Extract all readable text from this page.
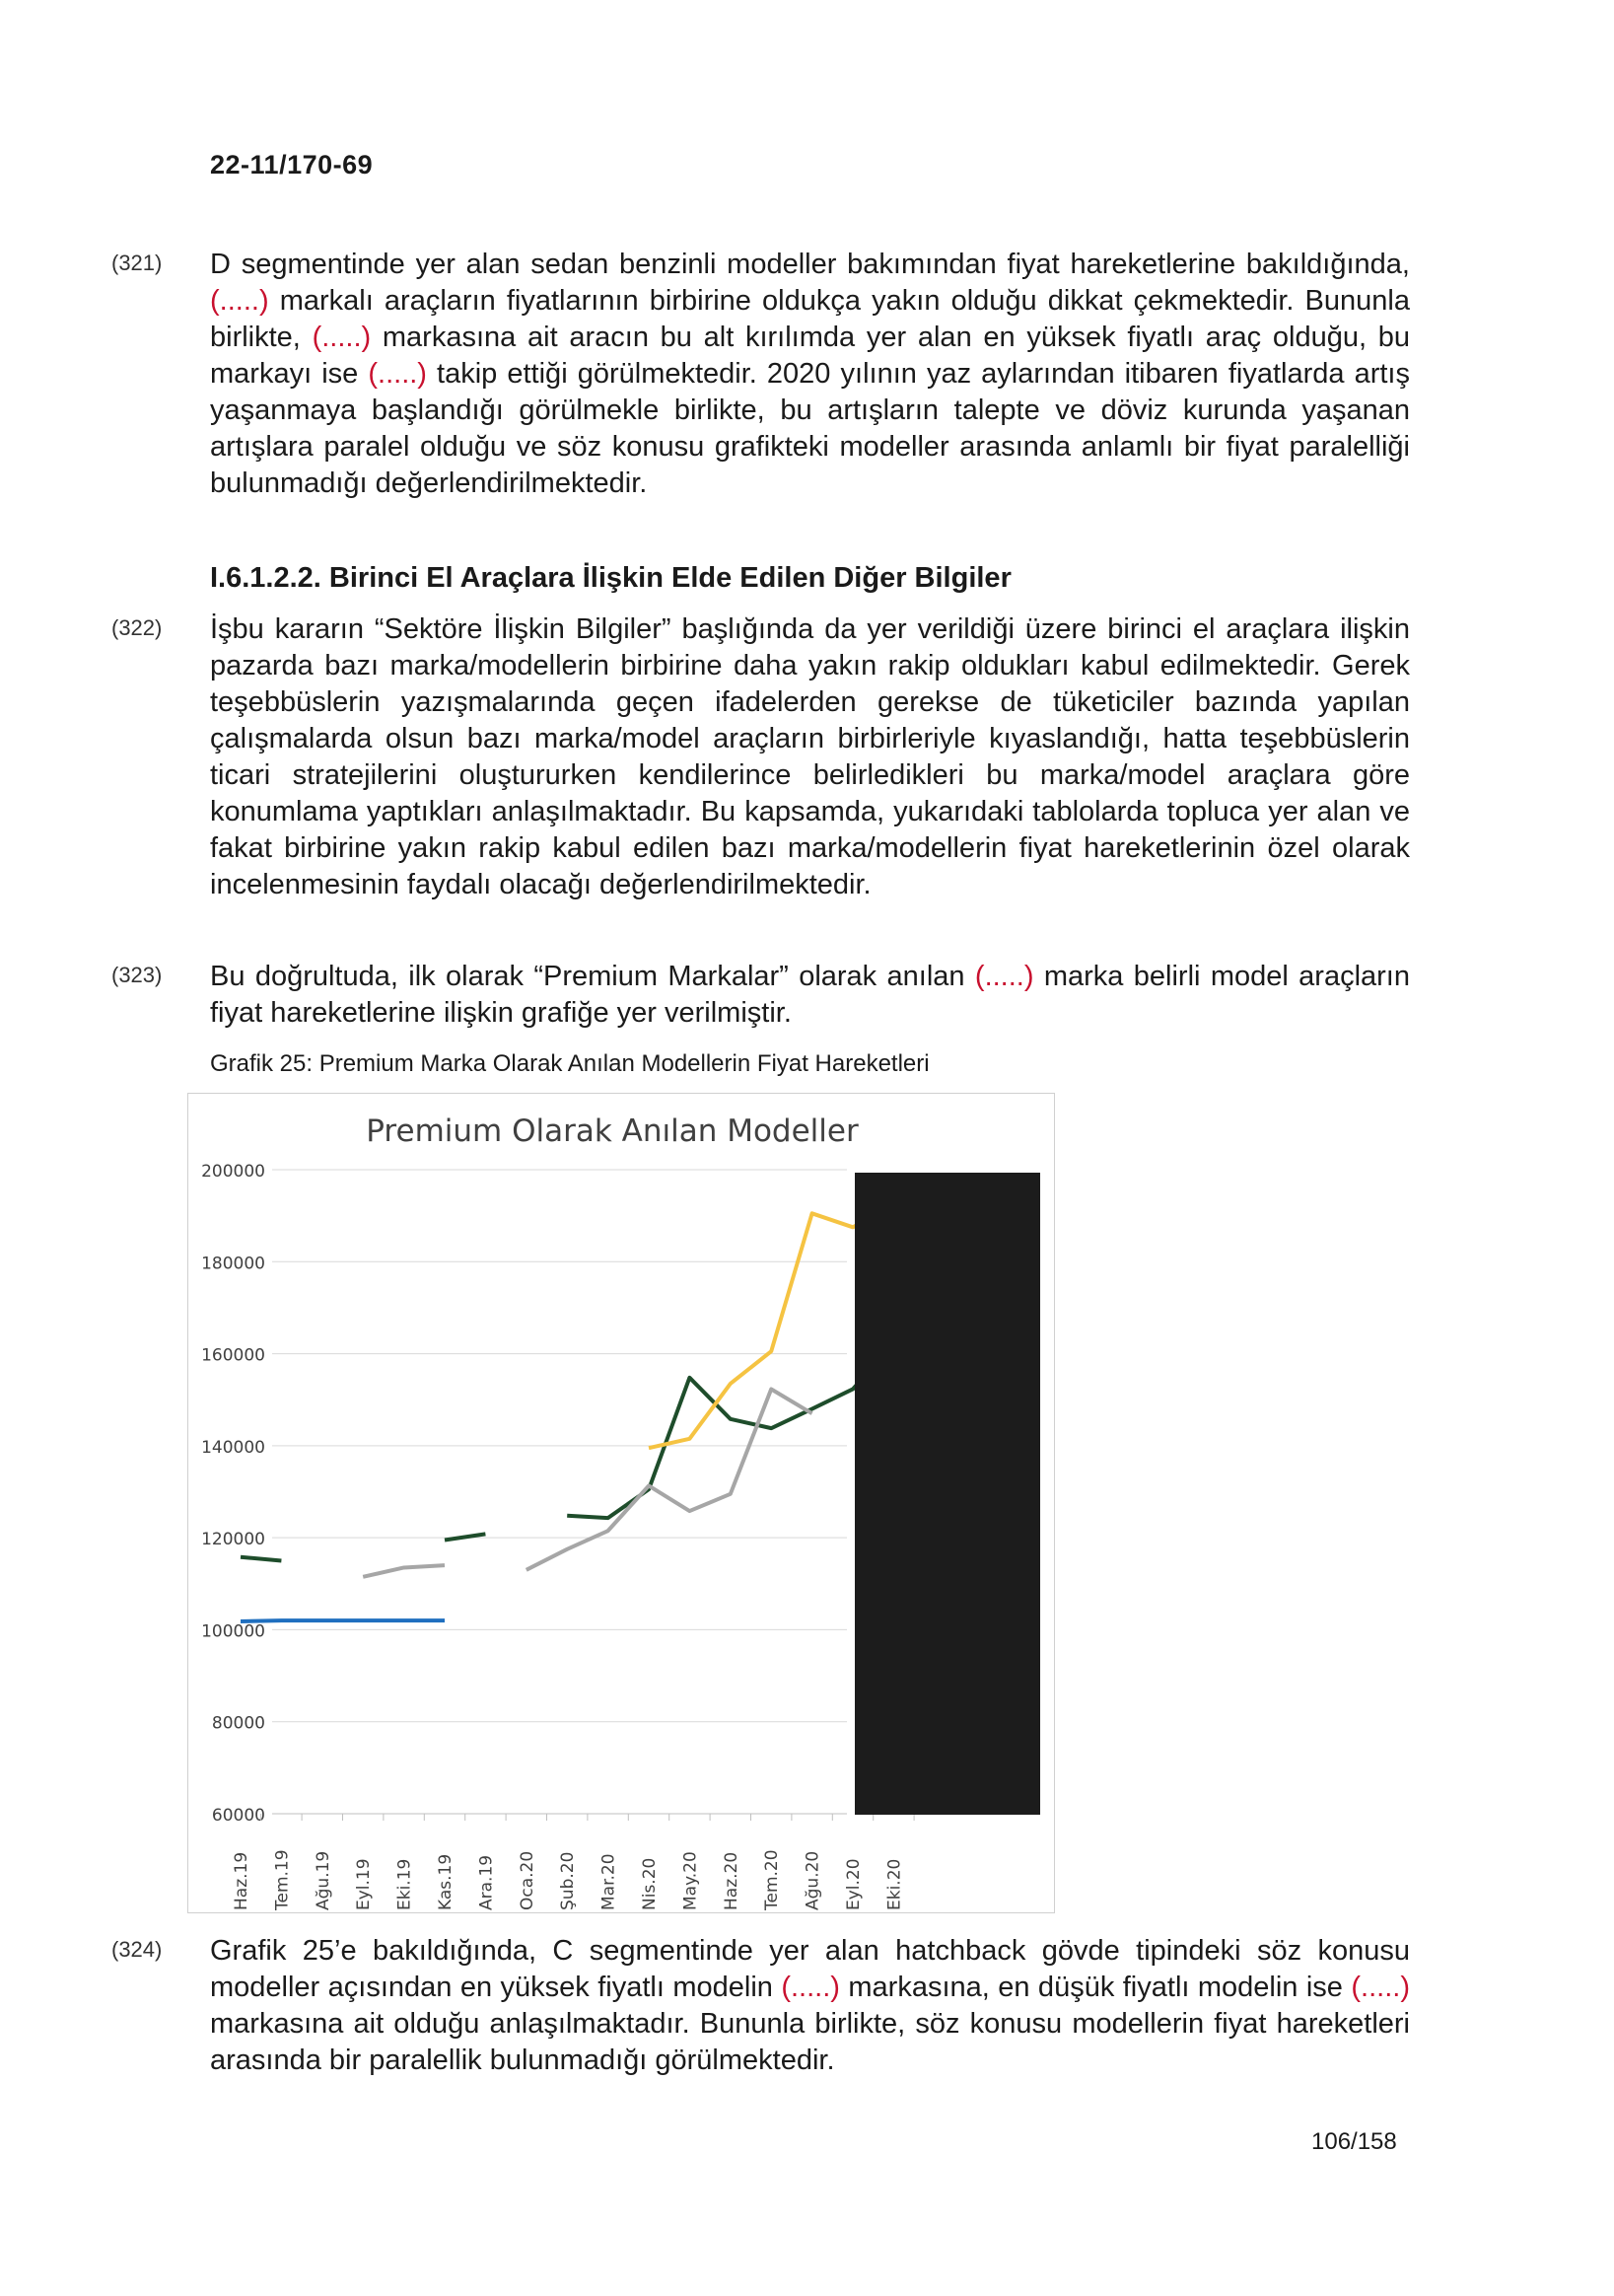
22-11/170-69
(321) D segmentinde yer alan sedan benzinli modeller bakımından fiyat hareketlerine bakıldığında, (.....) markalı araçların fiyatlarının birbirine oldukça yakın olduğu dikkat çekmektedir. Bununla birlikte, (.....) markasına ait aracın bu alt kırılımda yer alan en yüksek fiyatlı araç olduğu, bu markayı ise (.....) takip ettiği görülmektedir. 2020 yılının yaz aylarından itibaren fiyatlarda artış yaşanmaya başlandığı görülmekle birlikte, bu artışların talepte ve döviz kurunda yaşanan artışlara paralel olduğu ve söz konusu grafikteki modeller arasında anlamlı bir fiyat paralelliği bulunmadığı değerlendirilmektedir.

I.6.1.2.2. Birinci El Araçlara İlişkin Elde Edilen Diğer Bilgiler
(322) İşbu kararın “Sektöre İlişkin Bilgiler” başlığında da yer verildiği üzere birinci el araçlara ilişkin pazarda bazı marka/modellerin birbirine daha yakın rakip oldukları kabul edilmektedir. Gerek teşebbüslerin yazışmalarında geçen ifadelerden gerekse de tüketiciler bazında yapılan çalışmalarda olsun bazı marka/model araçların birbirleriyle kıyaslandığı, hatta teşebbüslerin ticari stratejilerini oluştururken kendilerince belirledikleri bu marka/model araçlara göre konumlama yaptıkları anlaşılmaktadır. Bu kapsamda, yukarıdaki tablolarda topluca yer alan ve fakat birbirine yakın rakip kabul edilen bazı marka/modellerin fiyat hareketlerinin özel olarak incelenmesinin faydalı olacağı değerlendirilmektedir.

(323) Bu doğrultuda, ilk olarak “Premium Markalar” olarak anılan (.....) marka belirli model araçların fiyat hareketlerine ilişkin grafiğe yer verilmiştir.

Grafik 25: Premium Marka Olarak Anılan Modellerin Fiyat Hareketleri
Premium Olarak Anılan Modeller
200000
180000
160000
140000
120000
100000
80000
60000
Haz.19 Tem.19 Ağu.19 Eyl.19 Eki.19 Kas.19 Ara.19 Oca.20 Şub.20 Mar.20 Nis.20 May.20 Haz.20 Tem.20 Ağu.20 Eyl.20 Eki.20
(324) Grafik 25’e bakıldığında, C segmentinde yer alan hatchback gövde tipindeki söz konusu modeller açısından en yüksek fiyatlı modelin (.....) markasına, en düşük fiyatlı modelin ise (.....) markasına ait olduğu anlaşılmaktadır. Bununla birlikte, söz konusu modellerin fiyat hareketleri arasında bir paralellik bulunmadığı görülmektedir.

106/158
